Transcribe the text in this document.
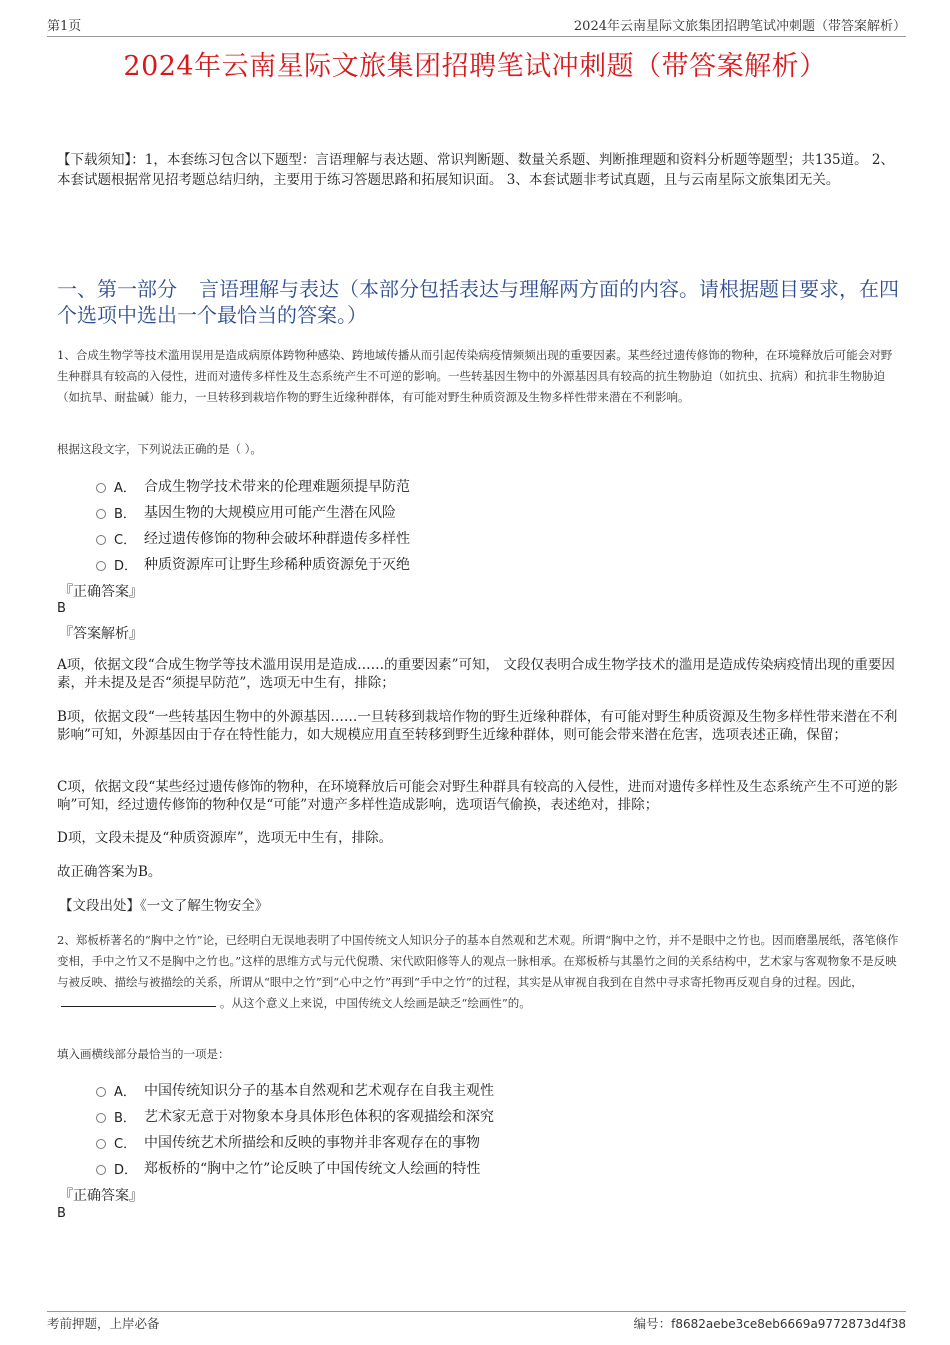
第1页	2024年云南星际文旅集团招聘笔试冲刺题（带答案解析）
2024年云南星际文旅集团招聘笔试冲刺题（带答案解析）
【下载须知】：1，本套练习包含以下题型：言语理解与表达题、常识判断题、数量关系题、判断推理题和资料分析题等题型；共135道。 2、本套试题根据常见招考题总结归纳，主要用于练习答题思路和拓展知识面。 3、本套试题非考试真题，且与云南星际文旅集团无关。
一、第一部分 言语理解与表达（本部分包括表达与理解两方面的内容。请根据题目要求，在四个选项中选出一个最恰当的答案。）
1、合成生物学等技术滥用误用是造成病原体跨物种感染、跨地域传播从而引起传染病疫情频频出现的重要因素。某些经过遗传修饰的物种，在环境释放后可能会对野生种群具有较高的入侵性，进而对遗传多样性及生态系统产生不可逆的影响。一些转基因生物中的外源基因具有较高的抗生物胁迫（如抗虫、抗病）和抗非生物胁迫（如抗旱、耐盐碱）能力，一旦转移到栽培作物的野生近缘种群体，有可能对野生种质资源及生物多样性带来潜在不利影响。
根据这段文字，下列说法正确的是（ ）。
A． 合成生物学技术带来的伦理难题须提早防范
B． 基因生物的大规模应用可能产生潜在风险
C． 经过遗传修饰的物种会破坏种群遗传多样性
D． 种质资源库可让野生珍稀种质资源免于灭绝
『正确答案』
B
『答案解析』
A项，依据文段“合成生物学等技术滥用误用是造成……的重要因素”可知， 文段仅表明合成生物学技术的滥用是造成传染病疫情出现的重要因素，并未提及是否“须提早防范”，选项无中生有，排除；
B项，依据文段“一些转基因生物中的外源基因……一旦转移到栽培作物的野生近缘种群体，有可能对野生种质资源及生物多样性带来潜在不利影响”可知，外源基因由于存在特性能力，如大规模应用直至转移到野生近缘种群体，则可能会带来潜在危害，选项表述正确，保留；
C项，依据文段“某些经过遗传修饰的物种，在环境释放后可能会对野生种群具有较高的入侵性，进而对遗传多样性及生态系统产生不可逆的影响”可知，经过遗传修饰的物种仅是“可能”对遗产多样性造成影响，选项语气偷换，表述绝对，排除；
D项，文段未提及“种质资源库”，选项无中生有，排除。
故正确答案为B。
【文段出处】《一文了解生物安全》
2、郑板桥著名的“胸中之竹”论，已经明白无误地表明了中国传统文人知识分子的基本自然观和艺术观。所谓“胸中之竹，并不是眼中之竹也。因而磨墨展纸，落笔倏作变相，手中之竹又不是胸中之竹也。”这样的思维方式与元代倪瓒、宋代欧阳修等人的观点一脉相承。在郑板桥与其墨竹之间的关系结构中，艺术家与客观物象不是反映与被反映、描绘与被描绘的关系，所谓从“眼中之竹”到“心中之竹”再到“手中之竹”的过程，其实是从审视自我到在自然中寻求寄托物再反观自身的过程。因此，。从这个意义上来说，中国传统文人绘画是缺乏“绘画性”的。
填入画横线部分最恰当的一项是：
A． 中国传统知识分子的基本自然观和艺术观存在自我主观性
B． 艺术家无意于对物象本身具体形色体积的客观描绘和深究
C． 中国传统艺术所描绘和反映的事物并非客观存在的事物
D． 郑板桥的“胸中之竹”论反映了中国传统文人绘画的特性
『正确答案』
B
考前押题，上岸必备	编号：f8682aebe3ce8eb6669a9772873d4f38
